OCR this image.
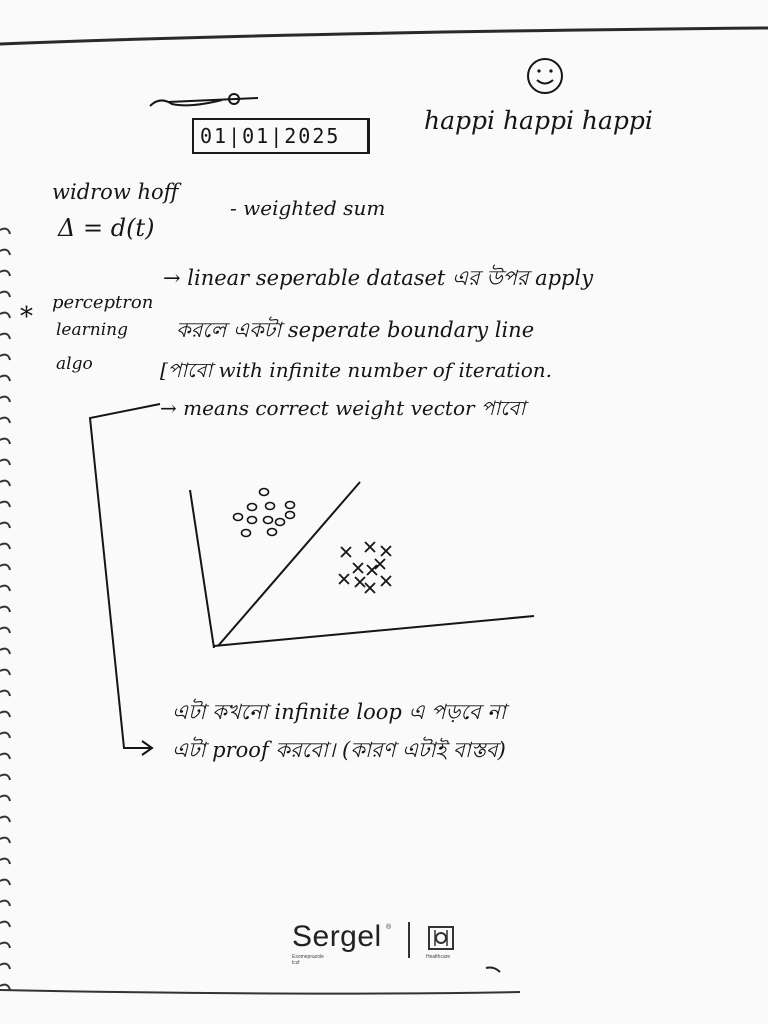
01|01|2025
happi happi happi
widrow hoff
Δ = d(t)
- weighted sum
* perceptron
→ linear seperable dataset এর উপর apply
learning
algo
করলে একটা seperate boundary line
[পাবো with infinite number of iteration.
→ means correct weight vector পাবো
এটা কখনো infinite loop এ পড়বে না
এটা proof করবো। (কারণ এটাই বাস্তব)
Sergel ®
Esomeprazole lcsf
Healthcare
